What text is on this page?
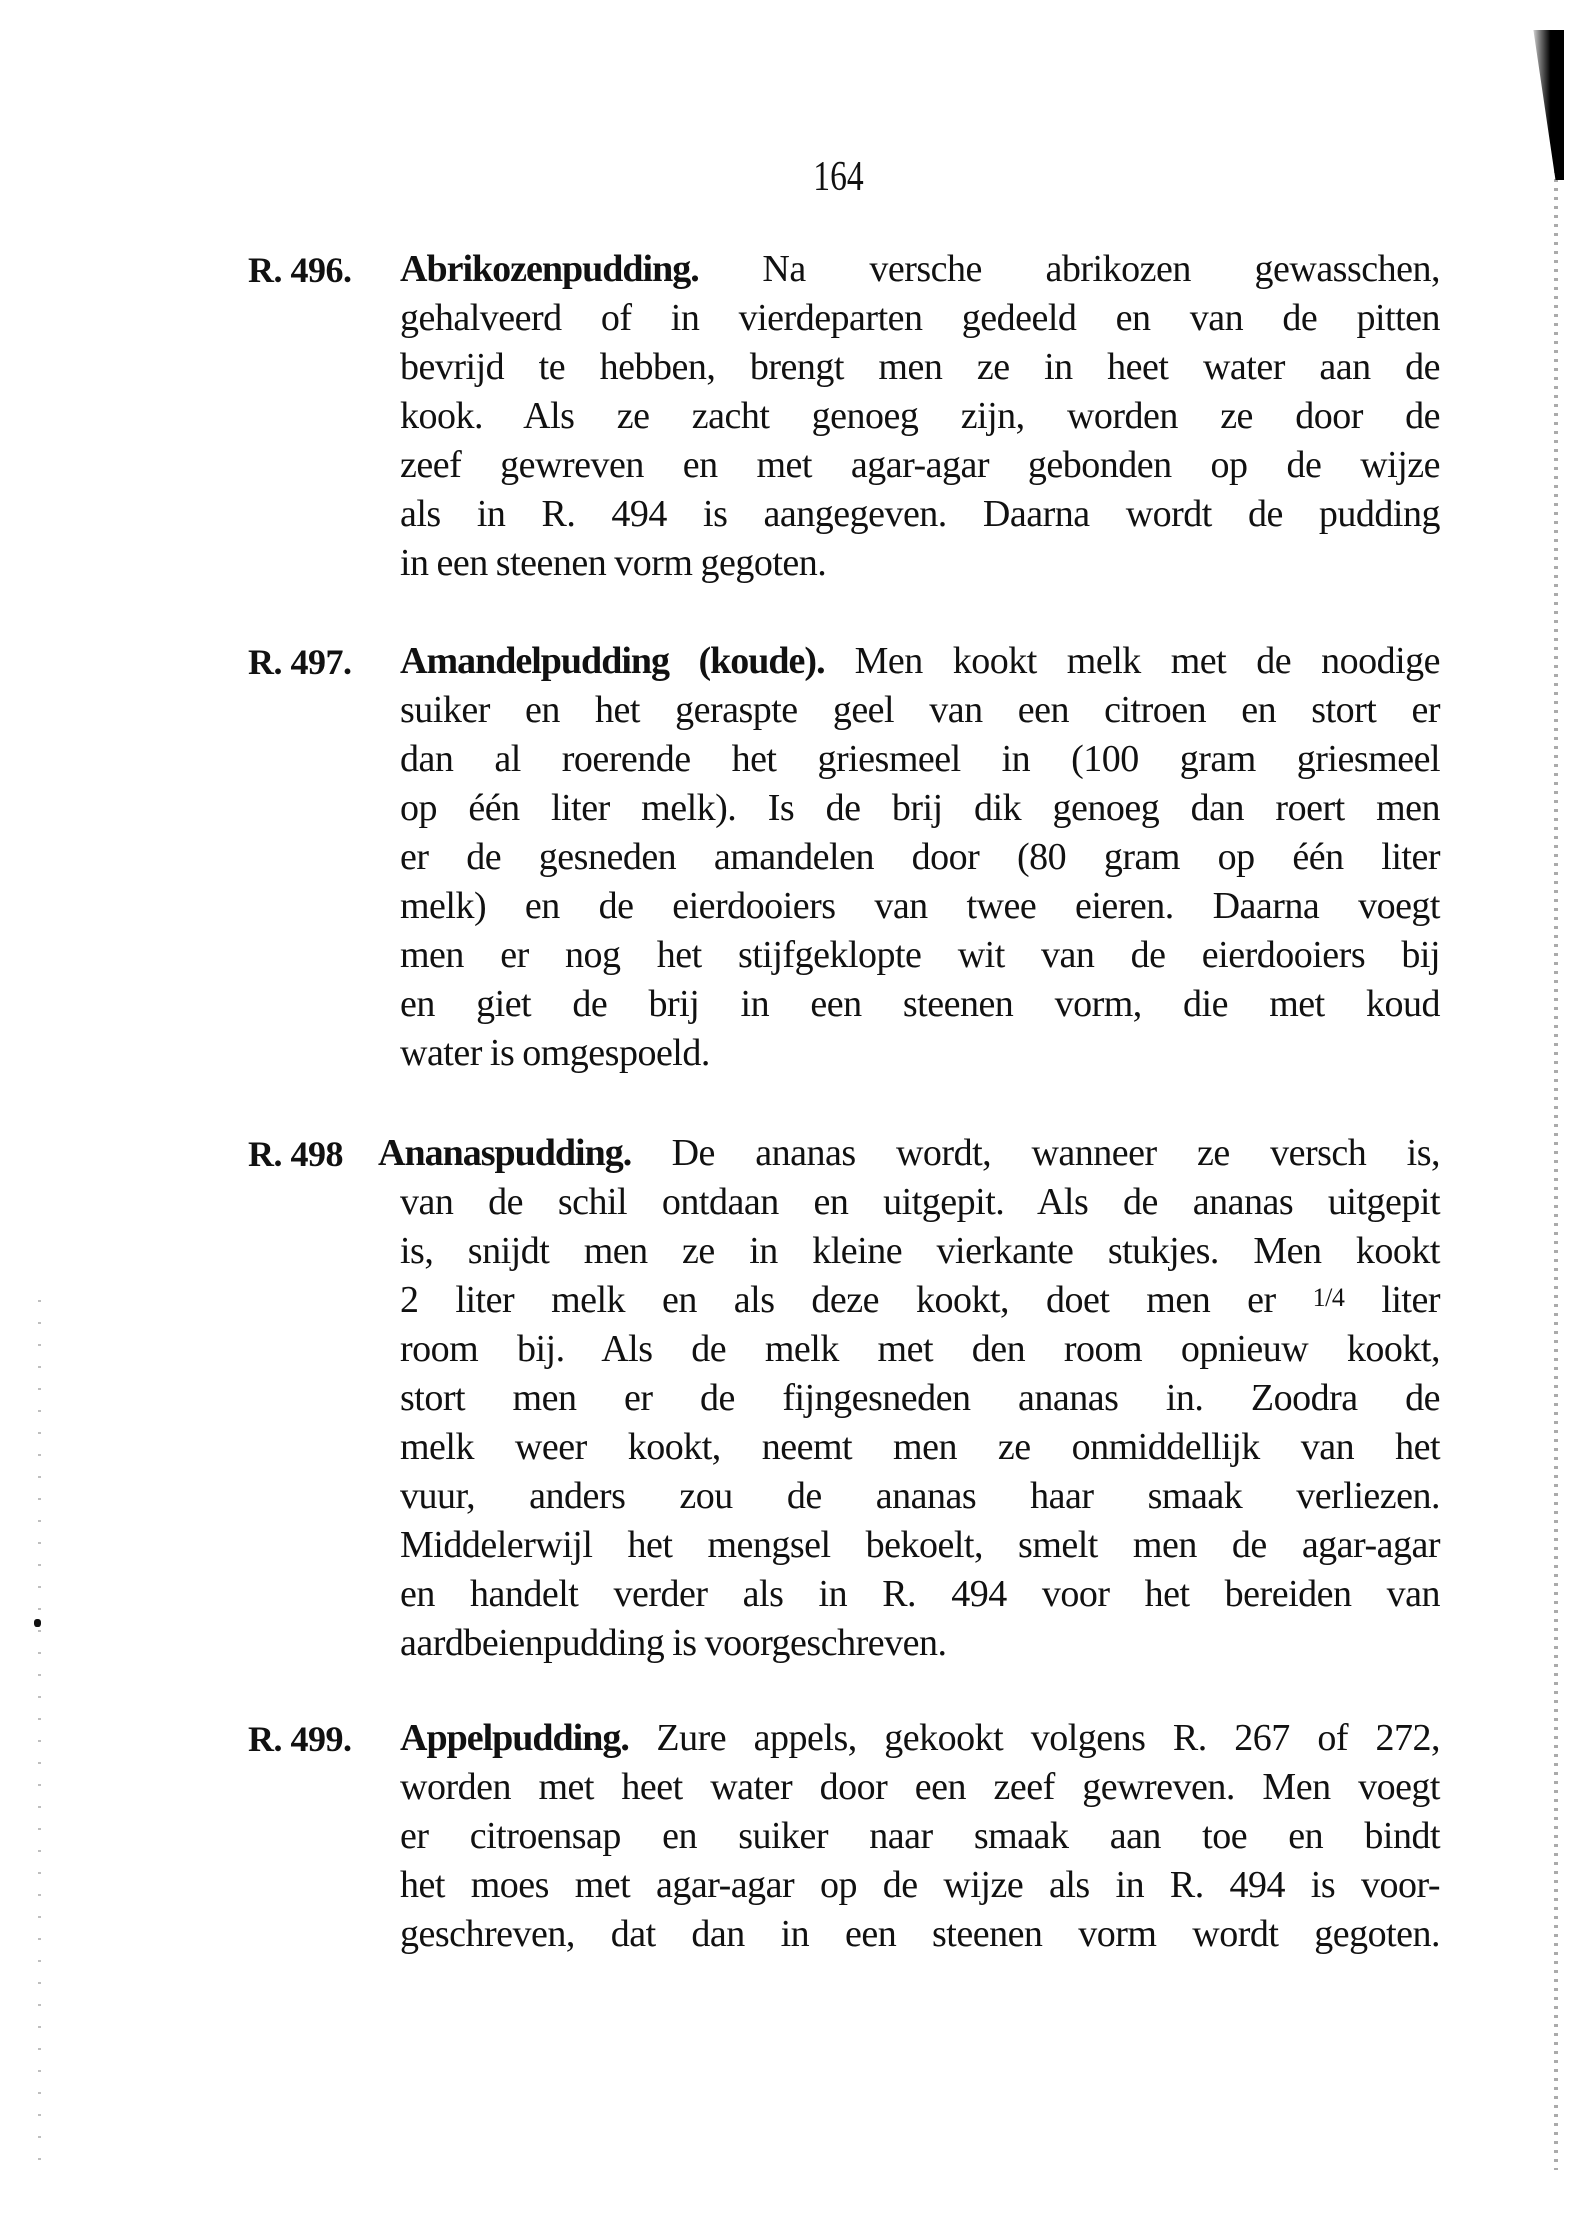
164
R. 496. Abrikozenpudding. Na versche abrikozen gewasschen,
gehalveerd of in vierdeparten gedeeld en van de pitten
bevrijd te hebben, brengt men ze in heet water aan de
kook. Als ze zacht genoeg zijn, worden ze door de
zeef gewreven en met agar-agar gebonden op de wijze
als in R. 494 is aangegeven. Daarna wordt de pudding
in een steenen vorm gegoten.
R. 497. Amandelpudding (koude). Men kookt melk met de noodige
suiker en het geraspte geel van een citroen en stort er
dan al roerende het griesmeel in (100 gram griesmeel
op één liter melk). Is de brij dik genoeg dan roert men
er de gesneden amandelen door (80 gram op één liter
melk) en de eierdooiers van twee eieren. Daarna voegt
men er nog het stijfgeklopte wit van de eierdooiers bij
en giet de brij in een steenen vorm, die met koud
water is omgespoeld.
R. 498 Ananaspudding. De ananas wordt, wanneer ze versch is,
van de schil ontdaan en uitgepit. Als de ananas uitgepit
is, snijdt men ze in kleine vierkante stukjes. Men kookt
2 liter melk en als deze kookt, doet men er 1/4 liter
room bij. Als de melk met den room opnieuw kookt,
stort men er de fijngesneden ananas in. Zoodra de
melk weer kookt, neemt men ze onmiddellijk van het
vuur, anders zou de ananas haar smaak verliezen.
Middelerwijl het mengsel bekoelt, smelt men de agar-agar
en handelt verder als in R. 494 voor het bereiden van
aardbeienpudding is voorgeschreven.
R. 499. Appelpudding. Zure appels, gekookt volgens R. 267 of 272,
worden met heet water door een zeef gewreven. Men voegt
er citroensap en suiker naar smaak aan toe en bindt
het moes met agar-agar op de wijze als in R. 494 is voor-
geschreven, dat dan in een steenen vorm wordt gegoten.
